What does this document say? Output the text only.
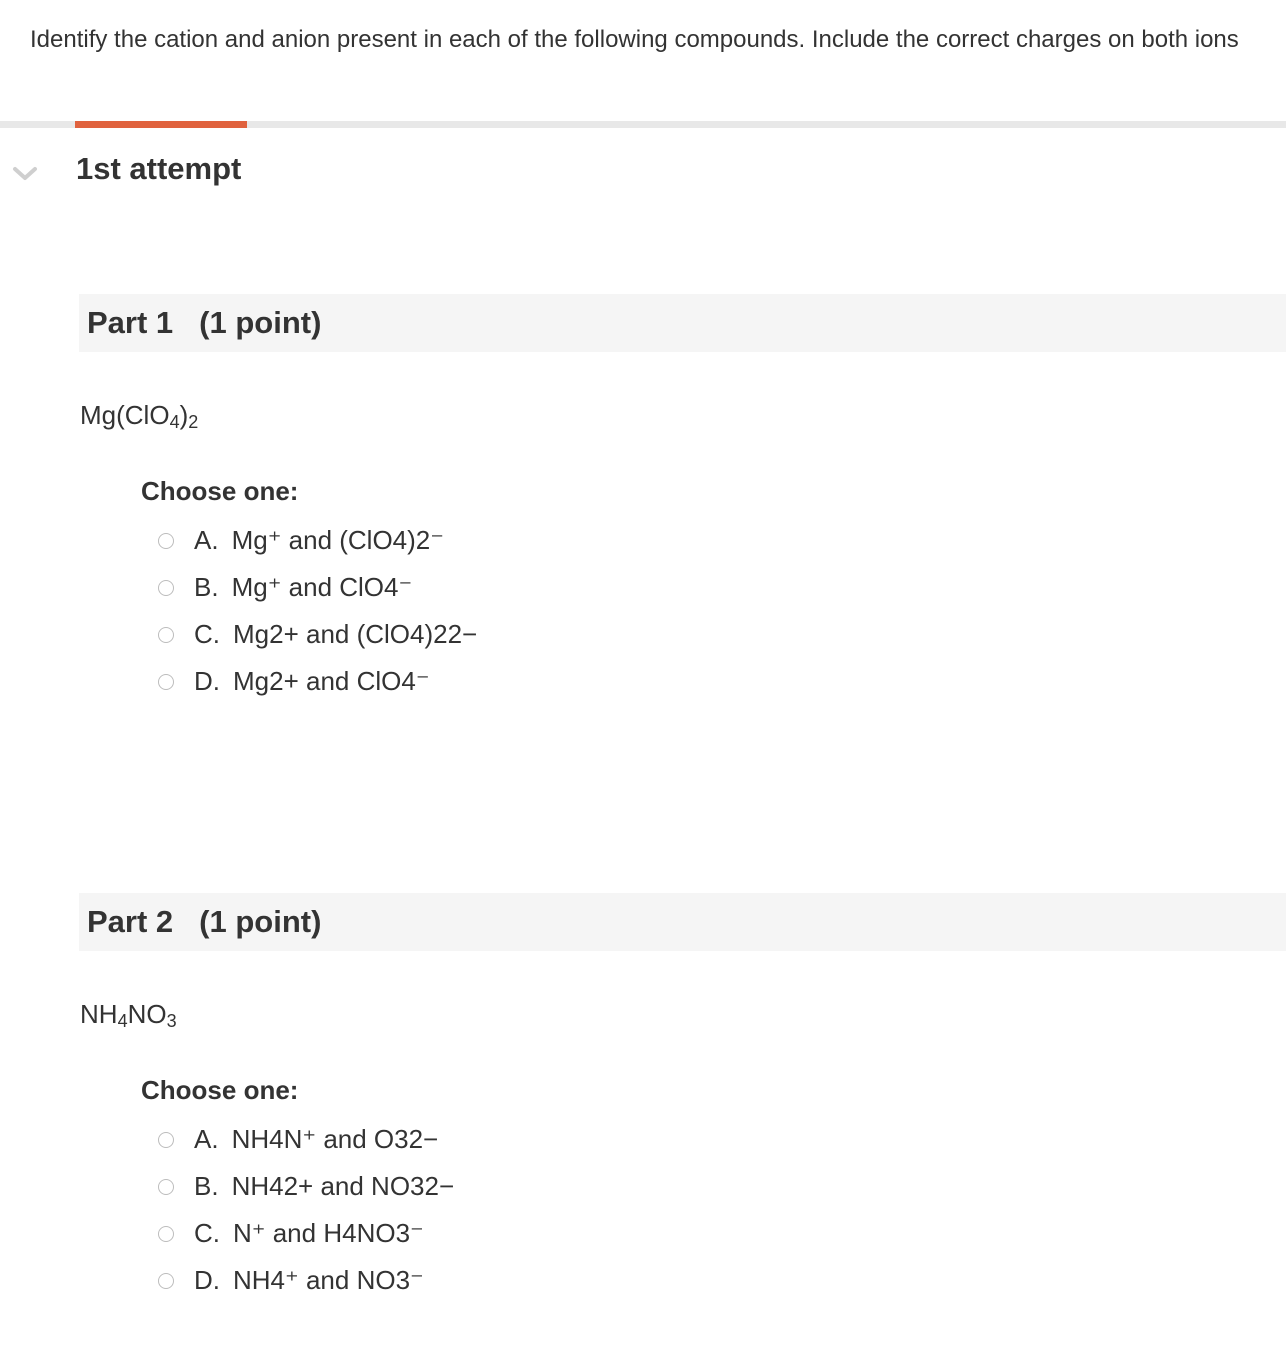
Identify the cation and anion present in each of the following compounds. Include the correct charges on both ions
1st attempt
Part 1 (1 point)
$Mg(ClO_4)_2$
Choose one:
A. Mg⁺ and (ClO4)2⁻
B. Mg⁺ and ClO4⁻
C. Mg2+ and (ClO4)22−
D. Mg2+ and ClO4⁻
Part 2 (1 point)
$NH_4NO_3$
Choose one:
A. NH4N⁺ and O32−
B. NH42+ and NO32−
C. N⁺ and H4NO3⁻
D. NH4⁺ and NO3⁻
